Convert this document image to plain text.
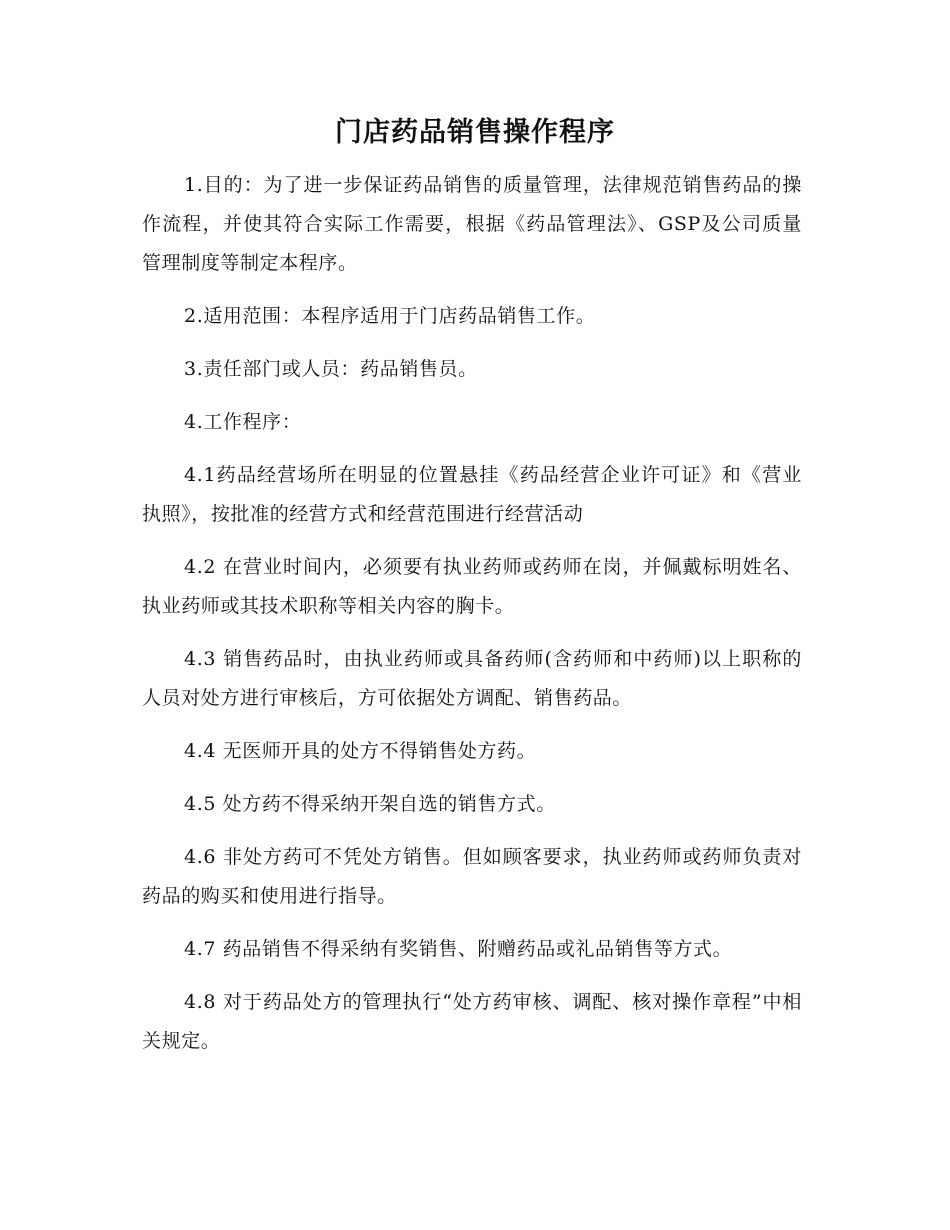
门店药品销售操作程序

1.目的：为了进一步保证药品销售的质量管理，法律规范销售药品的操作流程，并使其符合实际工作需要，根据《药品管理法》、GSP及公司质量管理制度等制定本程序。

2.适用范围：本程序适用于门店药品销售工作。

3.责任部门或人员：药品销售员。

4.工作程序：

4.1药品经营场所在明显的位置悬挂《药品经营企业许可证》和《营业执照》，按批准的经营方式和经营范围进行经营活动

4.2 在营业时间内，必须要有执业药师或药师在岗，并佩戴标明姓名、执业药师或其技术职称等相关内容的胸卡。

4.3 销售药品时，由执业药师或具备药师(含药师和中药师)以上职称的人员对处方进行审核后，方可依据处方调配、销售药品。

4.4 无医师开具的处方不得销售处方药。

4.5 处方药不得采纳开架自选的销售方式。

4.6 非处方药可不凭处方销售。但如顾客要求，执业药师或药师负责对药品的购买和使用进行指导。

4.7 药品销售不得采纳有奖销售、附赠药品或礼品销售等方式。

4.8 对于药品处方的管理执行“处方药审核、调配、核对操作章程”中相关规定。
